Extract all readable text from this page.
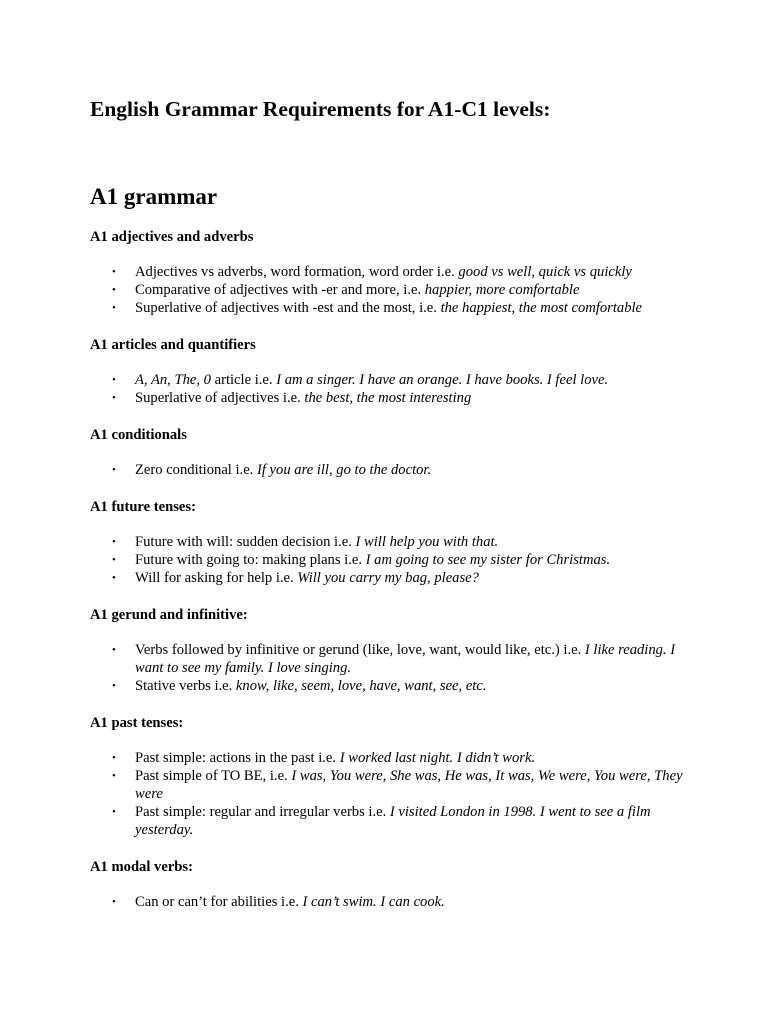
English Grammar Requirements for A1-C1 levels:
A1 grammar
A1 adjectives and adverbs
• Adjectives vs adverbs, word formation, word order i.e. good vs well, quick vs quickly
• Comparative of adjectives with -er and more, i.e. happier, more comfortable
• Superlative of adjectives with -est and the most, i.e. the happiest, the most comfortable
A1 articles and quantifiers
• A, An, The, 0 article i.e. I am a singer. I have an orange. I have books. I feel love.
• Superlative of adjectives i.e. the best, the most interesting
A1 conditionals
• Zero conditional i.e. If you are ill, go to the doctor.
A1 future tenses:
• Future with will: sudden decision i.e. I will help you with that.
• Future with going to: making plans i.e. I am going to see my sister for Christmas.
• Will for asking for help i.e. Will you carry my bag, please?
A1 gerund and infinitive:
• Verbs followed by infinitive or gerund (like, love, want, would like, etc.) i.e. I like reading. I want to see my family. I love singing.
• Stative verbs i.e. know, like, seem, love, have, want, see, etc.
A1 past tenses:
• Past simple: actions in the past i.e. I worked last night. I didn’t work.
• Past simple of TO BE, i.e. I was, You were, She was, He was, It was, We were, You were, They were
• Past simple: regular and irregular verbs i.e. I visited London in 1998. I went to see a film yesterday.
A1 modal verbs:
• Can or can’t for abilities i.e. I can’t swim. I can cook.
